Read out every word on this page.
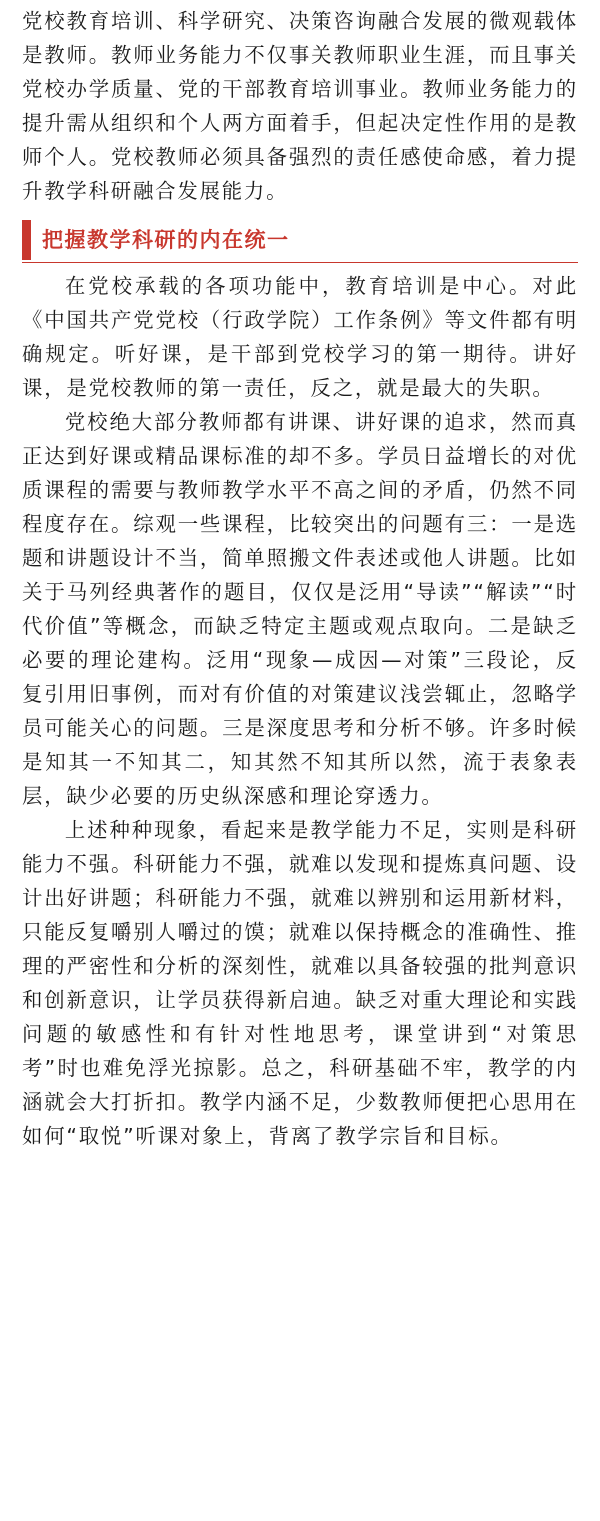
党校教育培训、科学研究、决策咨询融合发展的微观载体是教师。教师业务能力不仅事关教师职业生涯，而且事关党校办学质量、党的干部教育培训事业。教师业务能力的提升需从组织和个人两方面着手，但起决定性作用的是教师个人。党校教师必须具备强烈的责任感使命感，着力提升教学科研融合发展能力。

把握教学科研的内在统一

在党校承载的各项功能中，教育培训是中心。对此《中国共产党党校（行政学院）工作条例》等文件都有明确规定。听好课，是干部到党校学习的第一期待。讲好课，是党校教师的第一责任，反之，就是最大的失职。

党校绝大部分教师都有讲课、讲好课的追求，然而真正达到好课或精品课标准的却不多。学员日益增长的对优质课程的需要与教师教学水平不高之间的矛盾，仍然不同程度存在。综观一些课程，比较突出的问题有三：一是选题和讲题设计不当，简单照搬文件表述或他人讲题。比如关于马列经典著作的题目，仅仅是泛用“导读”“解读”“时代价值”等概念，而缺乏特定主题或观点取向。二是缺乏必要的理论建构。泛用“现象—成因—对策”三段论，反复引用旧事例，而对有价值的对策建议浅尝辄止，忽略学员可能关心的问题。三是深度思考和分析不够。许多时候是知其一不知其二，知其然不知其所以然，流于表象表层，缺少必要的历史纵深感和理论穿透力。

上述种种现象，看起来是教学能力不足，实则是科研能力不强。科研能力不强，就难以发现和提炼真问题、设计出好讲题；科研能力不强，就难以辨别和运用新材料，只能反复嚼别人嚼过的馍；就难以保持概念的准确性、推理的严密性和分析的深刻性，就难以具备较强的批判意识和创新意识，让学员获得新启迪。缺乏对重大理论和实践问题的敏感性和有针对性地思考，课堂讲到“对策思考”时也难免浮光掠影。总之，科研基础不牢，教学的内涵就会大打折扣。教学内涵不足，少数教师便把心思用在如何“取悦”听课对象上，背离了教学宗旨和目标。
